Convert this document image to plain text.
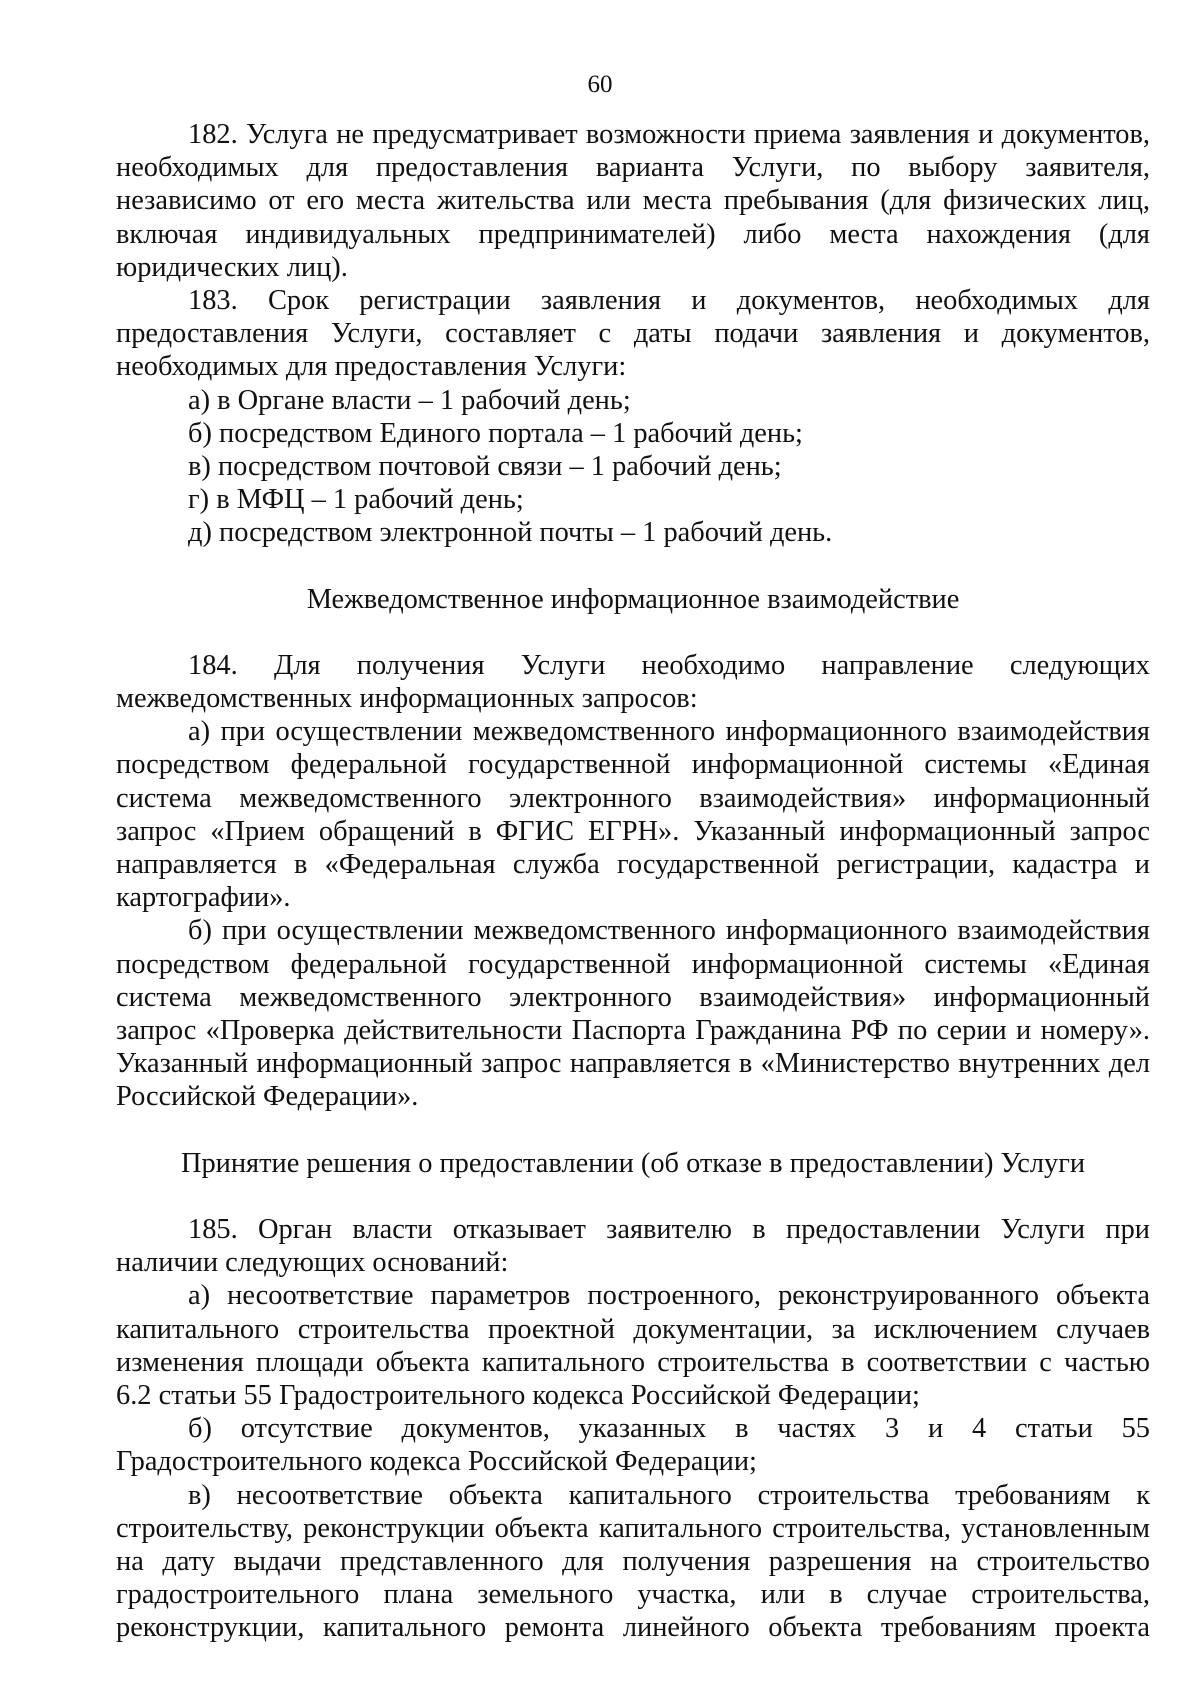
60

182. Услуга не предусматривает возможности приема заявления и документов, необходимых для предоставления варианта Услуги, по выбору заявителя, независимо от его места жительства или места пребывания (для физических лиц, включая индивидуальных предпринимателей) либо места нахождения (для юридических лиц).

183. Срок регистрации заявления и документов, необходимых для предоставления Услуги, составляет с даты подачи заявления и документов, необходимых для предоставления Услуги:

а) в Органе власти – 1 рабочий день;

б) посредством Единого портала – 1 рабочий день;

в) посредством почтовой связи – 1 рабочий день;

г) в МФЦ – 1 рабочий день;

д) посредством электронной почты – 1 рабочий день.

Межведомственное информационное взаимодействие

184. Для получения Услуги необходимо направление следующих

межведомственных информационных запросов:

а) при осуществлении межведомственного информационного взаимодействия посредством федеральной государственной информационной системы «Единая система межведомственного электронного взаимодействия» информационный запрос «Прием обращений в ФГИС ЕГРН». Указанный информационный запрос направляется в «Федеральная служба государственной регистрации, кадастра и картографии».

б) при осуществлении межведомственного информационного взаимодействия посредством федеральной государственной информационной системы «Единая система межведомственного электронного взаимодействия» информационный запрос «Проверка действительности Паспорта Гражданина РФ по серии и номеру». Указанный информационный запрос направляется в «Министерство внутренних дел Российской Федерации».

Принятие решения о предоставлении (об отказе в предоставлении) Услуги

185. Орган власти отказывает заявителю в предоставлении Услуги при наличии следующих оснований:

а) несоответствие параметров построенного, реконструированного объекта капитального строительства проектной документации, за исключением случаев изменения площади объекта капитального строительства в соответствии с частью 6.2 статьи 55 Градостроительного кодекса Российской Федерации;

б) отсутствие документов, указанных в частях 3 и 4 статьи 55

Градостроительного кодекса Российской Федерации;

в) несоответствие объекта капитального строительства требованиям к строительству, реконструкции объекта капитального строительства, установленным на дату выдачи представленного для получения разрешения на строительство градостроительного плана земельного участка, или в случае строительства, реконструкции, капитального ремонта линейного объекта требованиям проекта
